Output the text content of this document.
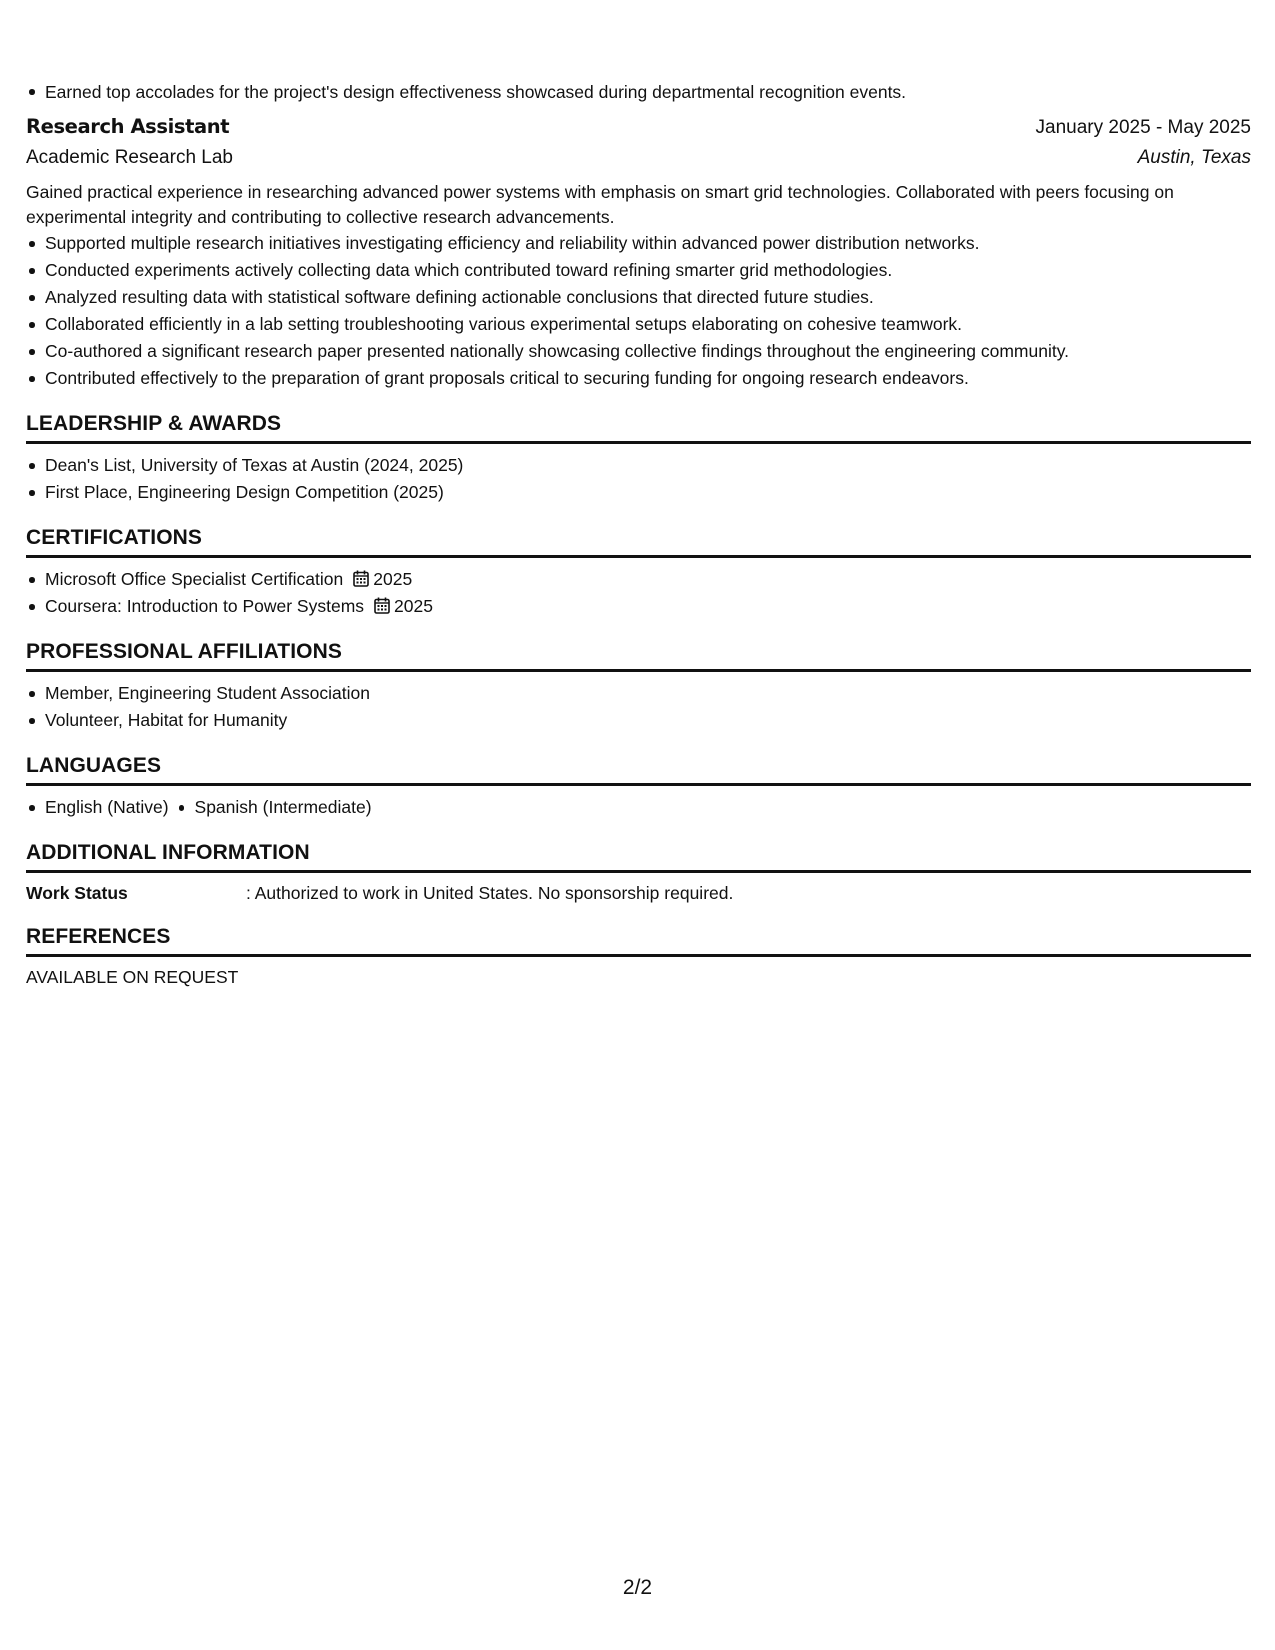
Earned top accolades for the project's design effectiveness showcased during departmental recognition events.
Research Assistant	January 2025 - May 2025
Academic Research Lab	Austin, Texas
Gained practical experience in researching advanced power systems with emphasis on smart grid technologies. Collaborated with peers focusing on experimental integrity and contributing to collective research advancements.
Supported multiple research initiatives investigating efficiency and reliability within advanced power distribution networks.
Conducted experiments actively collecting data which contributed toward refining smarter grid methodologies.
Analyzed resulting data with statistical software defining actionable conclusions that directed future studies.
Collaborated efficiently in a lab setting troubleshooting various experimental setups elaborating on cohesive teamwork.
Co-authored a significant research paper presented nationally showcasing collective findings throughout the engineering community.
Contributed effectively to the preparation of grant proposals critical to securing funding for ongoing research endeavors.
LEADERSHIP & AWARDS
Dean's List, University of Texas at Austin (2024, 2025)
First Place, Engineering Design Competition (2025)
CERTIFICATIONS
Microsoft Office Specialist Certification 2025
Coursera: Introduction to Power Systems 2025
PROFESSIONAL AFFILIATIONS
Member, Engineering Student Association
Volunteer, Habitat for Humanity
LANGUAGES
English (Native) Spanish (Intermediate)
ADDITIONAL INFORMATION
Work Status	: Authorized to work in United States. No sponsorship required.
REFERENCES
AVAILABLE ON REQUEST
2/2
